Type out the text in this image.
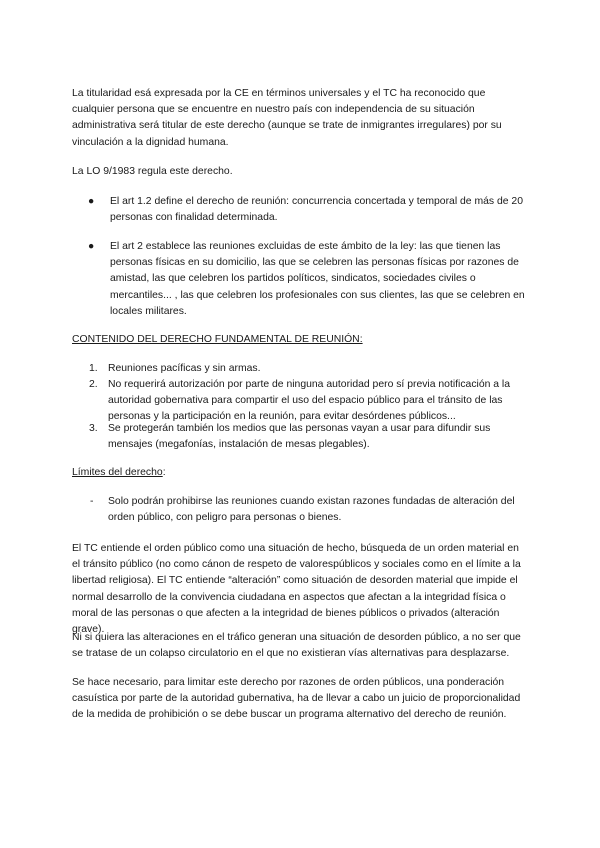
La titularidad esá expresada por la CE en términos universales y el TC ha reconocido que cualquier persona que se encuentre en nuestro país con independencia de su situación administrativa será titular de este derecho (aunque se trate de inmigrantes irregulares) por su vinculación a la dignidad humana.

La LO 9/1983 regula este derecho.

● El art 1.2 define el derecho de reunión: concurrencia concertada y temporal de más de 20 personas con finalidad determinada.
● El art 2 establece las reuniones excluidas de este ámbito de la ley: las que tienen las personas físicas en su domicilio, las que se celebren las personas físicas por razones de amistad, las que celebren los partidos políticos, sindicatos, sociedades civiles o mercantiles... , las que celebren los profesionales con sus clientes, las que se celebren en locales militares.
CONTENIDO DEL DERECHO FUNDAMENTAL DE REUNIÓN:
1. Reuniones pacíficas y sin armas.
2. No requerirá autorización por parte de ninguna autoridad pero sí previa notificación a la autoridad gobernativa para compartir el uso del espacio público para el tránsito de las personas y la participación en la reunión, para evitar desórdenes públicos...
3. Se protegerán también los medios que las personas vayan a usar para difundir sus mensajes (megafonías, instalación de mesas plegables).
Límites del derecho:
- Solo podrán prohibirse las reuniones cuando existan razones fundadas de alteración del orden público, con peligro para personas o bienes.

El TC entiende el orden público como una situación de hecho, búsqueda de un orden material en el tránsito público (no como cánon de respeto de valorespúblicos y sociales como en el límite a la libertad religiosa). El TC entiende “alteración” como situación de desorden material que impide el normal desarrollo de la convivencia ciudadana en aspectos que afectan a la integridad física o moral de las personas o que afecten a la integridad de bienes públicos o privados (alteración grave).

Ni si quiera las alteraciones en el tráfico generan una situación de desorden público, a no ser que se tratase de un colapso circulatorio en el que no existieran vías alternativas para desplazarse.

Se hace necesario, para limitar este derecho por razones de orden públicos, una ponderación casuística por parte de la autoridad gubernativa, ha de llevar a cabo un juicio de proporcionalidad de la medida de prohibición o se debe buscar un programa alternativo del derecho de reunión.
